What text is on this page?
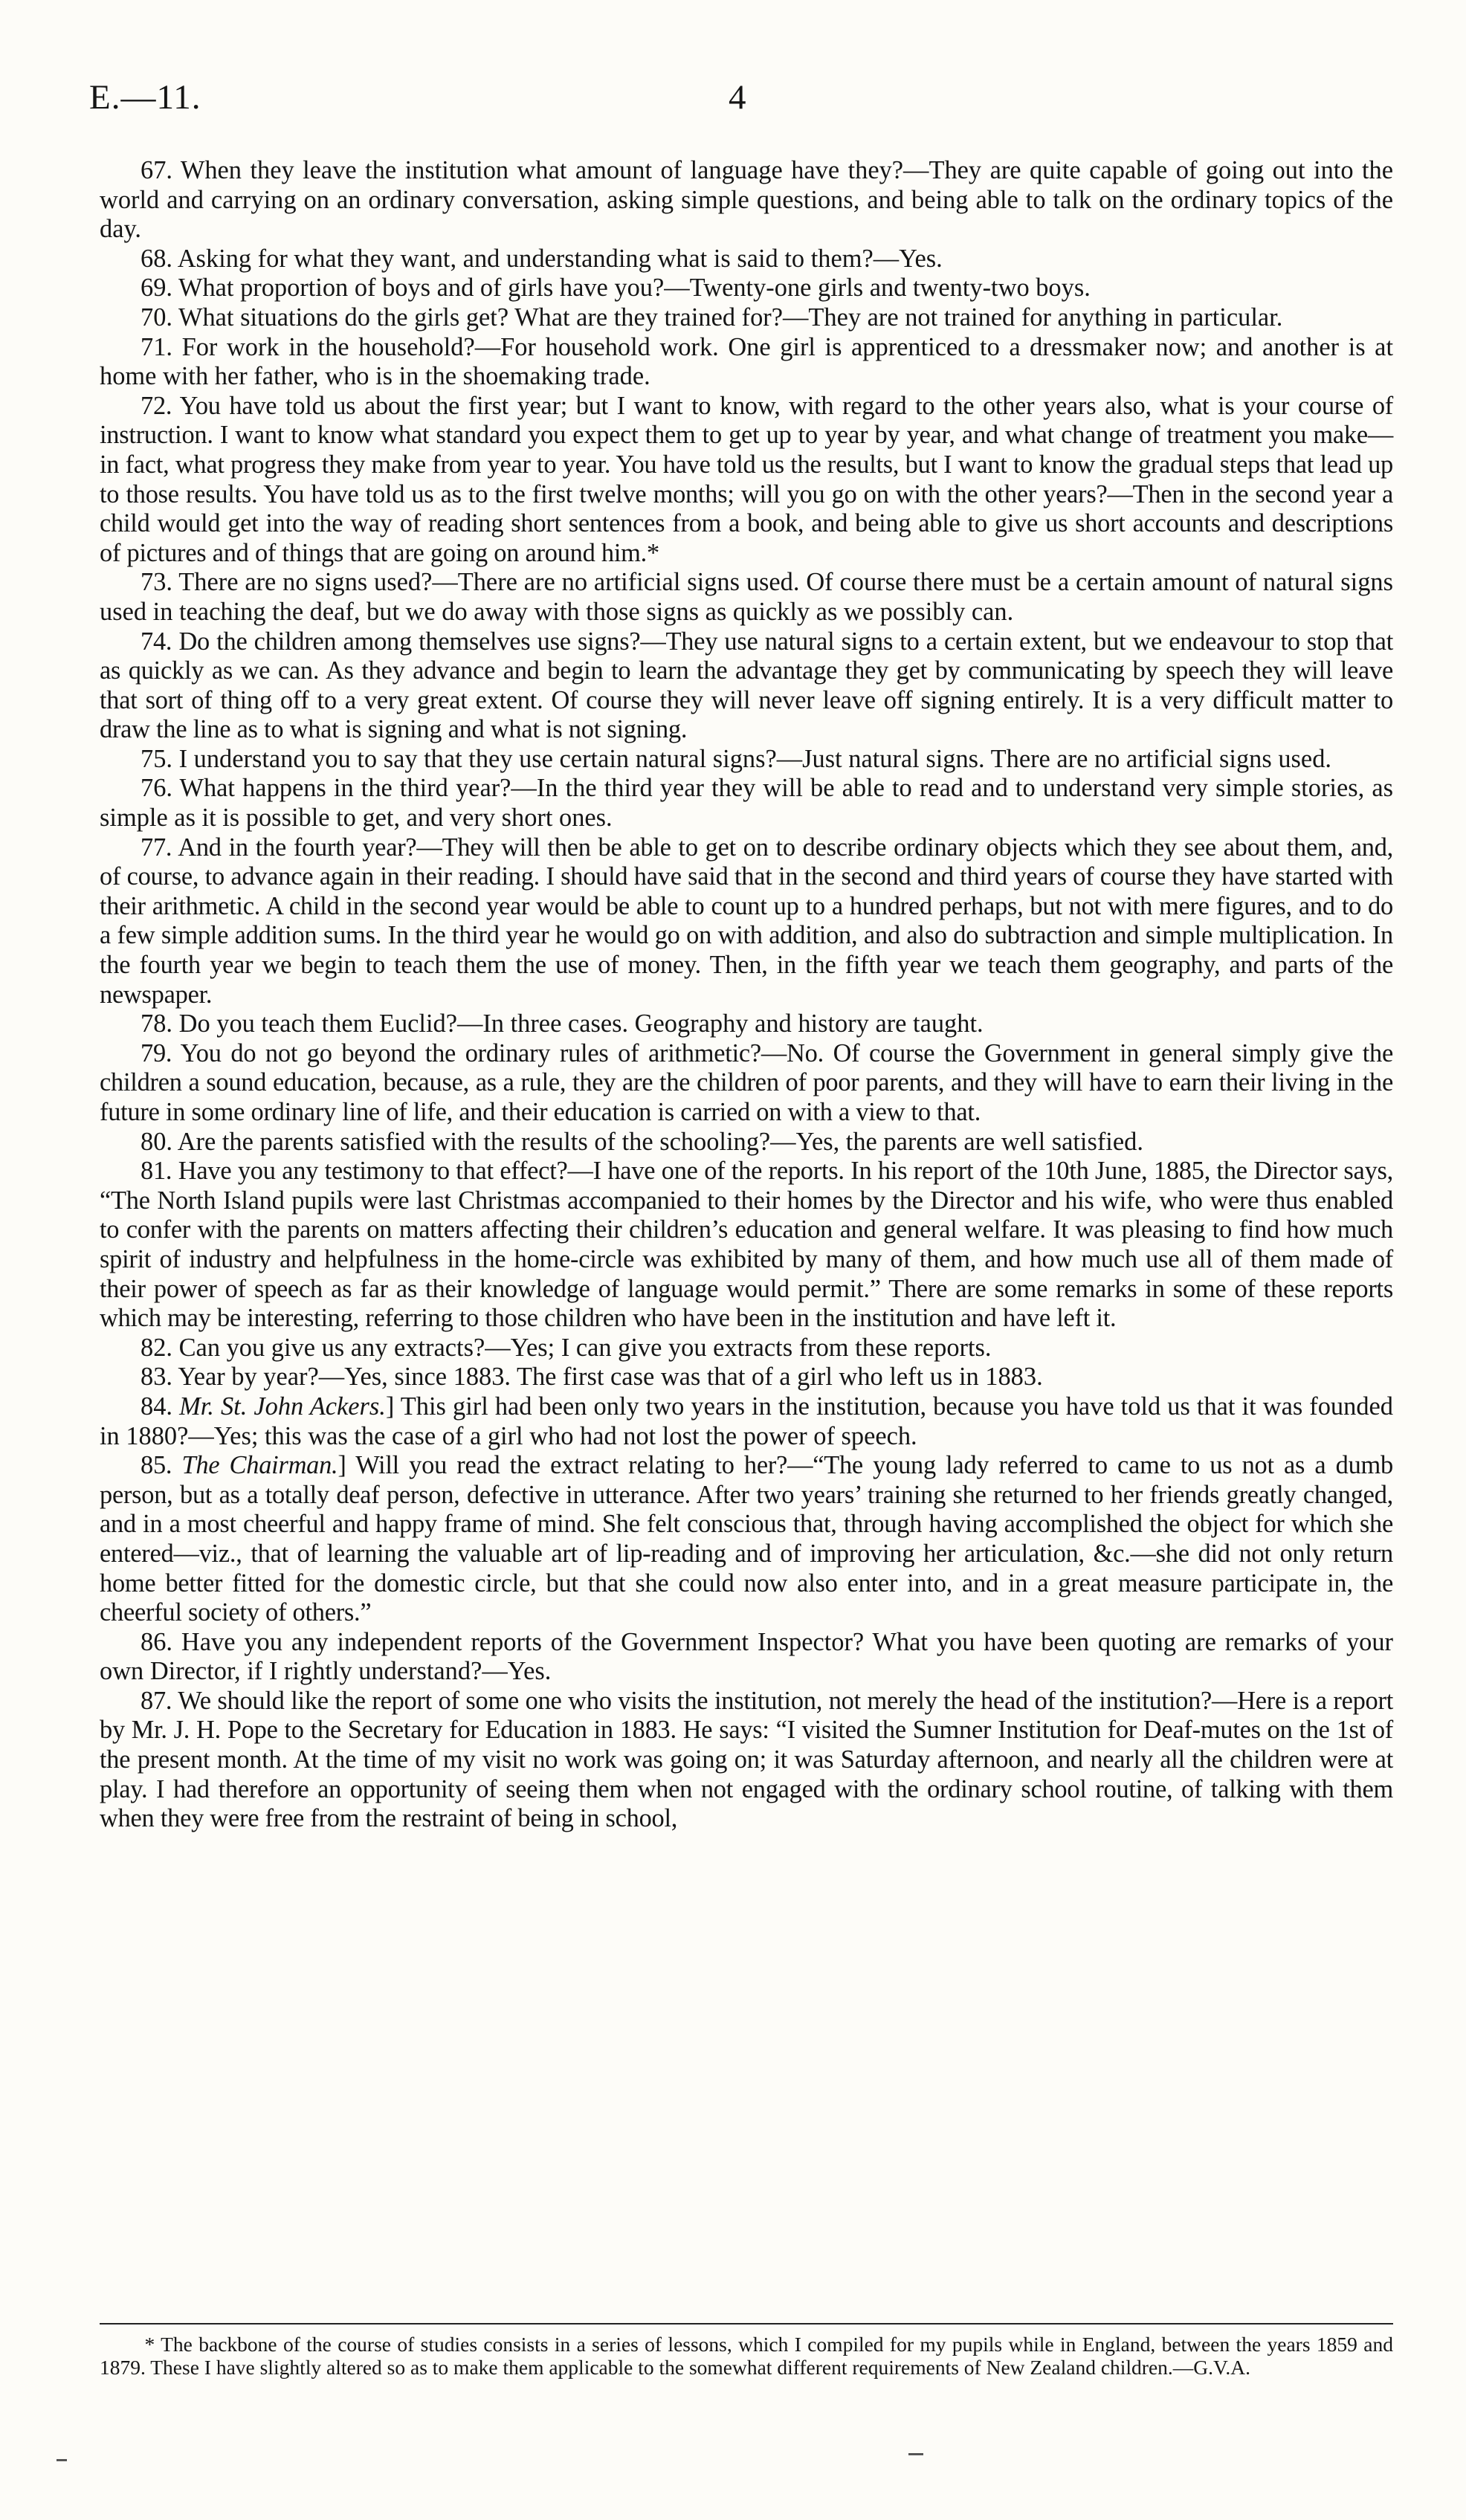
E.—11.	4

67. When they leave the institution what amount of language have they?—They are quite capable of going out into the world and carrying on an ordinary conversation, asking simple questions, and being able to talk on the ordinary topics of the day.

68. Asking for what they want, and understanding what is said to them?—Yes.

69. What proportion of boys and of girls have you?—Twenty-one girls and twenty-two boys.

70. What situations do the girls get? What are they trained for?—They are not trained for anything in particular.

71. For work in the household?—For household work. One girl is apprenticed to a dressmaker now; and another is at home with her father, who is in the shoemaking trade.

72. You have told us about the first year; but I want to know, with regard to the other years also, what is your course of instruction. I want to know what standard you expect them to get up to year by year, and what change of treatment you make—in fact, what progress they make from year to year. You have told us the results, but I want to know the gradual steps that lead up to those results. You have told us as to the first twelve months; will you go on with the other years?—Then in the second year a child would get into the way of reading short sentences from a book, and being able to give us short accounts and descriptions of pictures and of things that are going on around him.*

73. There are no signs used?—There are no artificial signs used. Of course there must be a certain amount of natural signs used in teaching the deaf, but we do away with those signs as quickly as we possibly can.

74. Do the children among themselves use signs?—They use natural signs to a certain extent, but we endeavour to stop that as quickly as we can. As they advance and begin to learn the advantage they get by communicating by speech they will leave that sort of thing off to a very great extent. Of course they will never leave off signing entirely. It is a very difficult matter to draw the line as to what is signing and what is not signing.

75. I understand you to say that they use certain natural signs?—Just natural signs. There are no artificial signs used.

76. What happens in the third year?—In the third year they will be able to read and to understand very simple stories, as simple as it is possible to get, and very short ones.

77. And in the fourth year?—They will then be able to get on to describe ordinary objects which they see about them, and, of course, to advance again in their reading. I should have said that in the second and third years of course they have started with their arithmetic. A child in the second year would be able to count up to a hundred perhaps, but not with mere figures, and to do a few simple addition sums. In the third year he would go on with addition, and also do subtraction and simple multiplication. In the fourth year we begin to teach them the use of money. Then, in the fifth year we teach them geography, and parts of the newspaper.

78. Do you teach them Euclid?—In three cases. Geography and history are taught.

79. You do not go beyond the ordinary rules of arithmetic?—No. Of course the Government in general simply give the children a sound education, because, as a rule, they are the children of poor parents, and they will have to earn their living in the future in some ordinary line of life, and their education is carried on with a view to that.

80. Are the parents satisfied with the results of the schooling?—Yes, the parents are well satisfied.

81. Have you any testimony to that effect?—I have one of the reports. In his report of the 10th June, 1885, the Director says, “The North Island pupils were last Christmas accompanied to their homes by the Director and his wife, who were thus enabled to confer with the parents on matters affecting their children’s education and general welfare. It was pleasing to find how much spirit of industry and helpfulness in the home-circle was exhibited by many of them, and how much use all of them made of their power of speech as far as their knowledge of language would permit.” There are some remarks in some of these reports which may be interesting, referring to those children who have been in the institution and have left it.

82. Can you give us any extracts?—Yes; I can give you extracts from these reports.

83. Year by year?—Yes, since 1883. The first case was that of a girl who left us in 1883.

84. Mr. St. John Ackers.] This girl had been only two years in the institution, because you have told us that it was founded in 1880?—Yes; this was the case of a girl who had not lost the power of speech.

85. The Chairman.] Will you read the extract relating to her?—“The young lady referred to came to us not as a dumb person, but as a totally deaf person, defective in utterance. After two years’ training she returned to her friends greatly changed, and in a most cheerful and happy frame of mind. She felt conscious that, through having accomplished the object for which she entered—viz., that of learning the valuable art of lip-reading and of improving her articulation, &c.—she did not only return home better fitted for the domestic circle, but that she could now also enter into, and in a great measure participate in, the cheerful society of others.”

86. Have you any independent reports of the Government Inspector? What you have been quoting are remarks of your own Director, if I rightly understand?—Yes.

87. We should like the report of some one who visits the institution, not merely the head of the institution?—Here is a report by Mr. J. H. Pope to the Secretary for Education in 1883. He says: “I visited the Sumner Institution for Deaf-mutes on the 1st of the present month. At the time of my visit no work was going on; it was Saturday afternoon, and nearly all the children were at play. I had therefore an opportunity of seeing them when not engaged with the ordinary school routine, of talking with them when they were free from the restraint of being in school,

* The backbone of the course of studies consists in a series of lessons, which I compiled for my pupils while in England, between the years 1859 and 1879. These I have slightly altered so as to make them applicable to the somewhat different requirements of New Zealand children.—G.V.A.
